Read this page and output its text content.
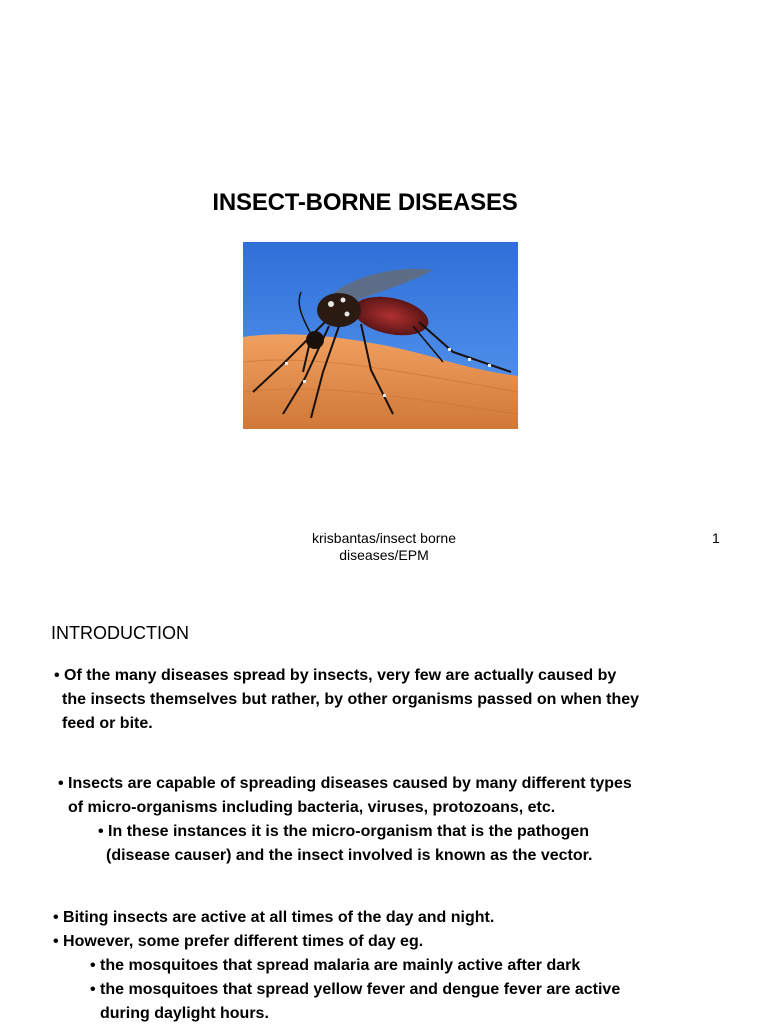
INSECT-BORNE DISEASES
krisbantas/insect borne
diseases/EPM
1
INTRODUCTION
• Of the many diseases spread by insects, very few are actually caused by
the insects themselves but rather, by other organisms passed on when they
feed or bite.
• Insects are capable of spreading diseases caused by many different types
of micro-organisms including bacteria, viruses, protozoans, etc.
• In these instances it is the micro-organism that is the pathogen
(disease causer) and the insect involved is known as the vector.
• Biting insects are active at all times of the day and night.
• However, some prefer different times of day eg.
• the mosquitoes that spread malaria are mainly active after dark
• the mosquitoes that spread yellow fever and dengue fever are active
during daylight hours.
